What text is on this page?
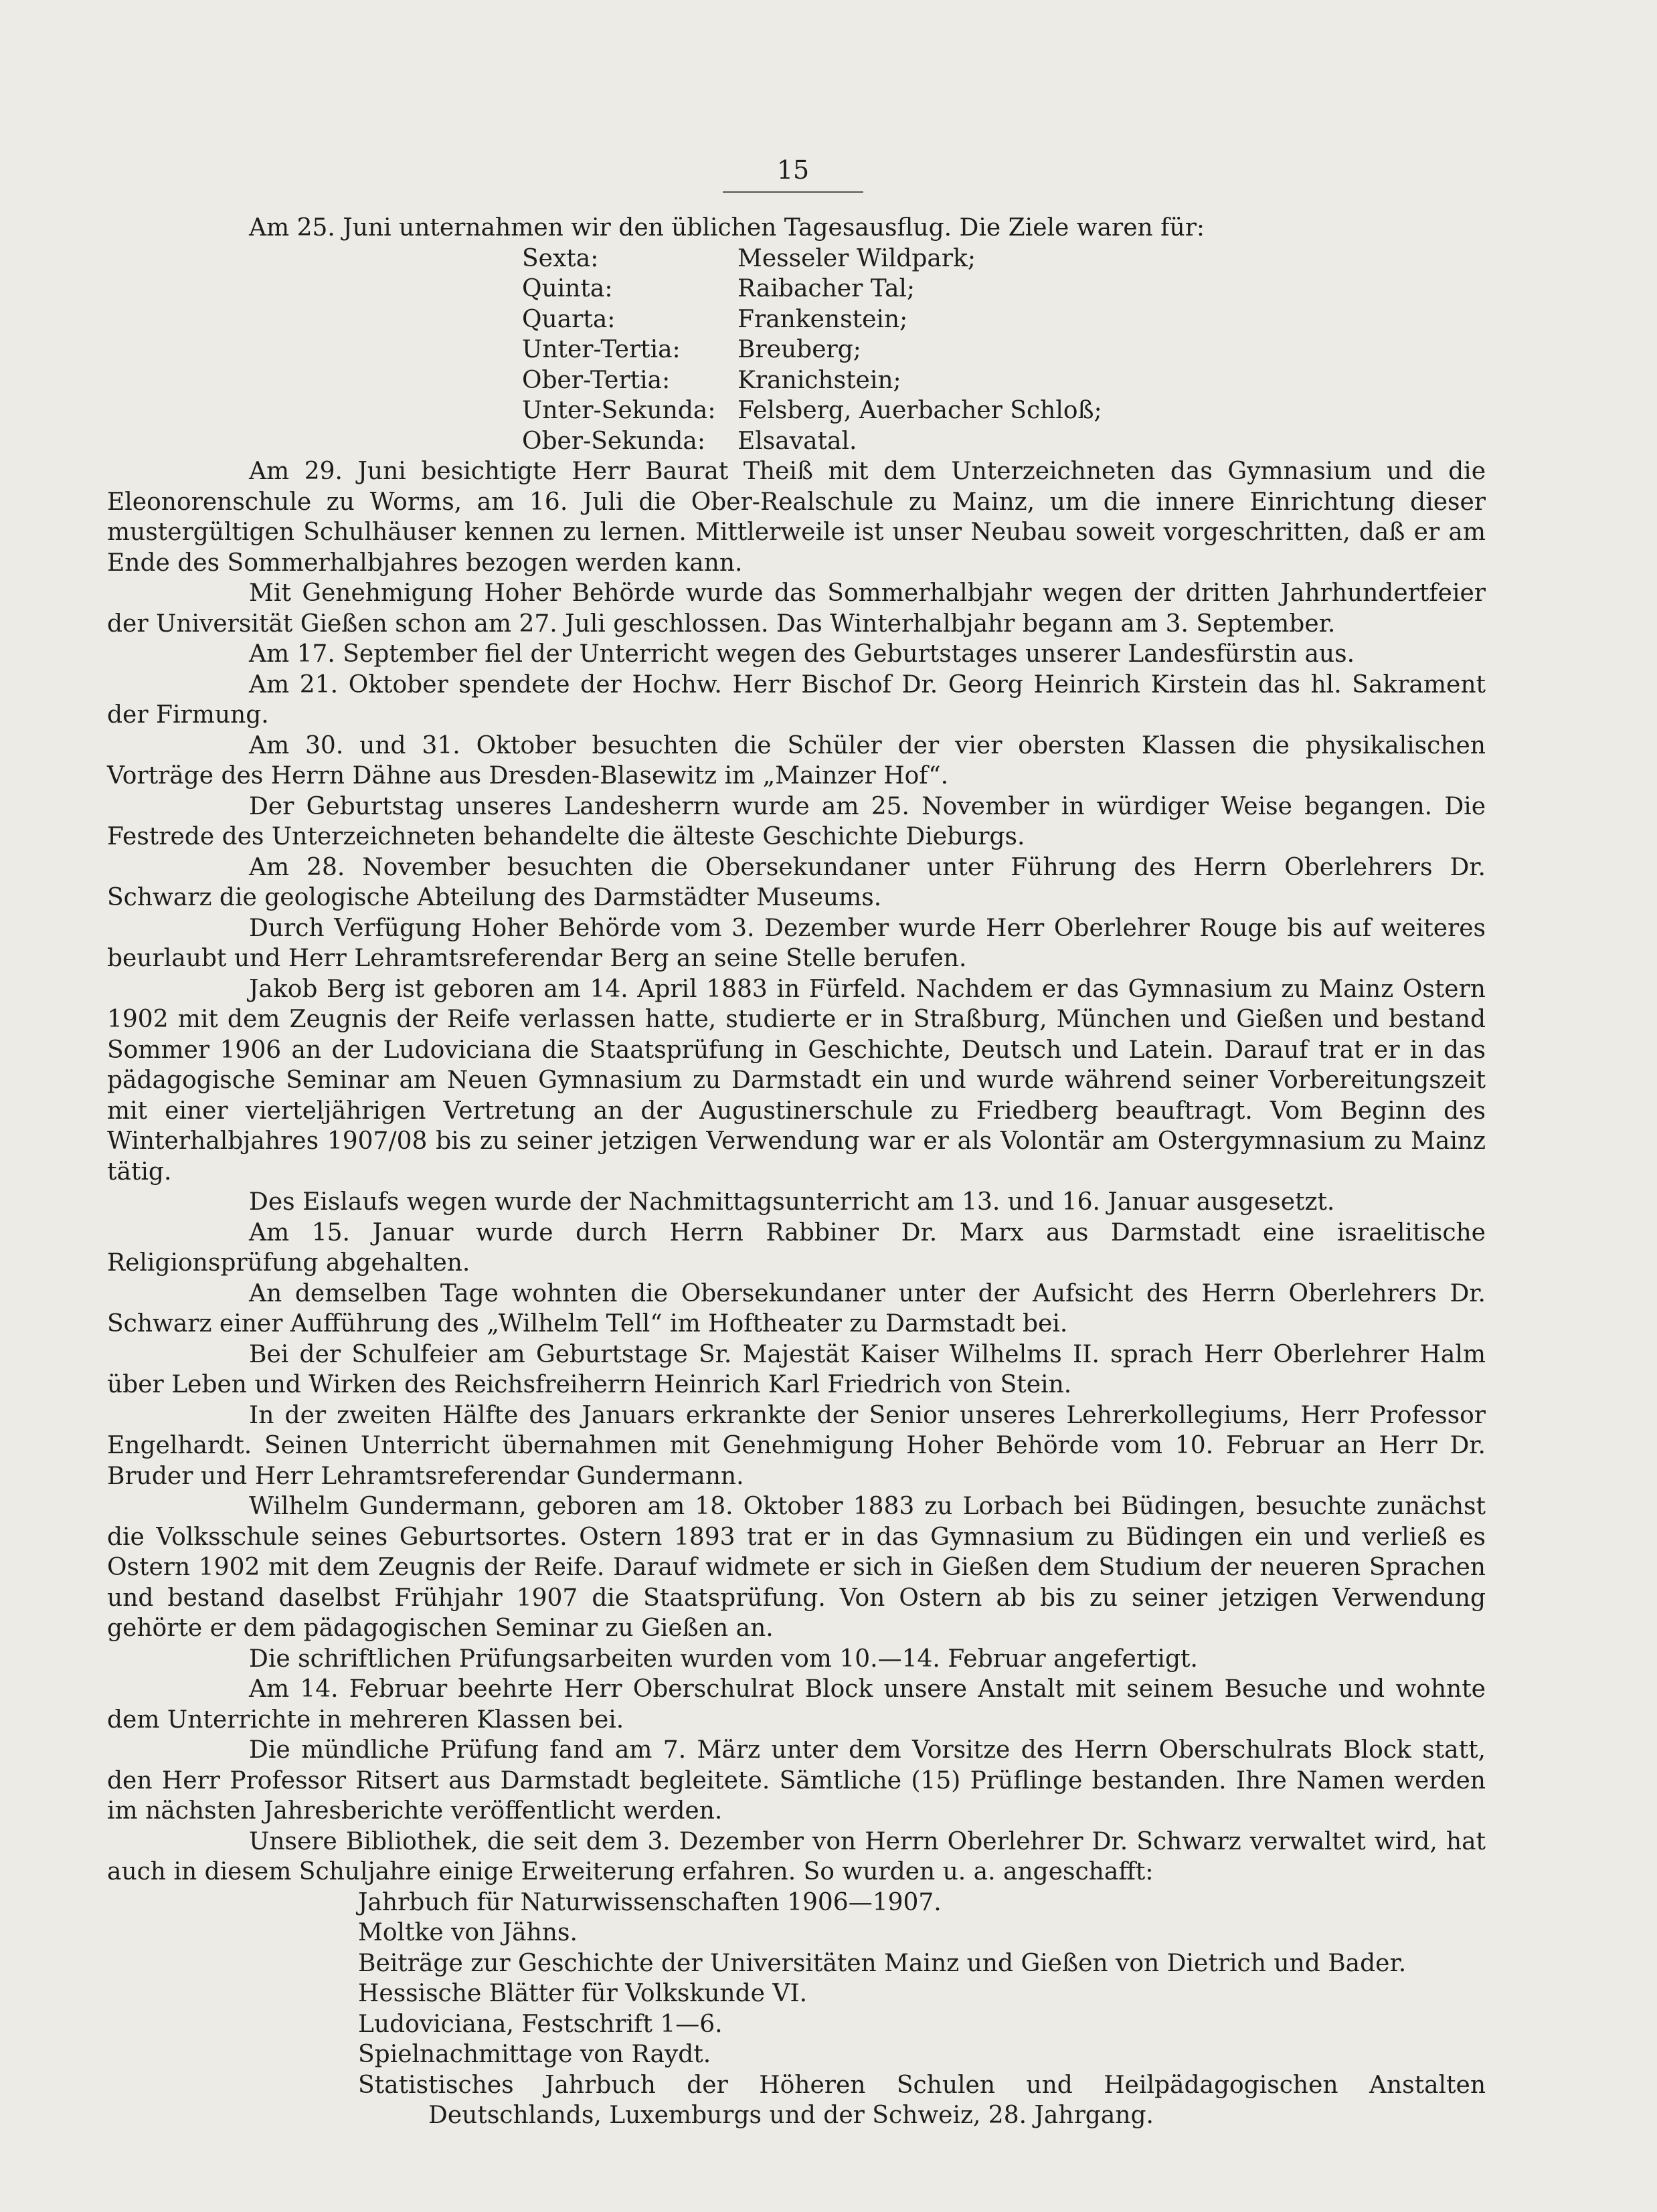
15

Am 25. Juni unternahmen wir den üblichen Tagesausflug. Die Ziele waren für:

Sexta:	Messeler Wildpark;
Quinta:	Raibacher Tal;
Quarta:	Frankenstein;
Unter-Tertia:	Breuberg;
Ober-Tertia:	Kranichstein;
Unter-Sekunda: Felsberg, Auerbacher Schloß;
Ober-Sekunda:	Elsavatal.

Am 29. Juni besichtigte Herr Baurat Theiß mit dem Unterzeichneten das Gymnasium und die Eleonorenschule zu Worms, am 16. Juli die Ober-Realschule zu Mainz, um die innere Einrichtung dieser mustergültigen Schulhäuser kennen zu lernen. Mittlerweile ist unser Neubau soweit vorgeschritten, daß er am Ende des Sommerhalbjahres bezogen werden kann.

Mit Genehmigung Hoher Behörde wurde das Sommerhalbjahr wegen der dritten Jahrhundertfeier der Universität Gießen schon am 27. Juli geschlossen. Das Winterhalbjahr begann am 3. September.

Am 17. September fiel der Unterricht wegen des Geburtstages unserer Landesfürstin aus.

Am 21. Oktober spendete der Hochw. Herr Bischof Dr. Georg Heinrich Kirstein das hl. Sakrament der Firmung.

Am 30. und 31. Oktober besuchten die Schüler der vier obersten Klassen die physikalischen Vorträge des Herrn Dähne aus Dresden-Blasewitz im „Mainzer Hof“.

Der Geburtstag unseres Landesherrn wurde am 25. November in würdiger Weise begangen. Die Festrede des Unterzeichneten behandelte die älteste Geschichte Dieburgs.

Am 28. November besuchten die Obersekundaner unter Führung des Herrn Oberlehrers Dr. Schwarz die geologische Abteilung des Darmstädter Museums.

Durch Verfügung Hoher Behörde vom 3. Dezember wurde Herr Oberlehrer Rouge bis auf weiteres beurlaubt und Herr Lehramtsreferendar Berg an seine Stelle berufen.

Jakob Berg ist geboren am 14. April 1883 in Fürfeld. Nachdem er das Gymnasium zu Mainz Ostern 1902 mit dem Zeugnis der Reife verlassen hatte, studierte er in Straßburg, München und Gießen und bestand Sommer 1906 an der Ludoviciana die Staatsprüfung in Geschichte, Deutsch und Latein. Darauf trat er in das pädagogische Seminar am Neuen Gymnasium zu Darmstadt ein und wurde während seiner Vorbereitungszeit mit einer vierteljährigen Vertretung an der Augustinerschule zu Friedberg beauftragt. Vom Beginn des Winterhalbjahres 1907/08 bis zu seiner jetzigen Verwendung war er als Volontär am Ostergymnasium zu Mainz tätig.

Des Eislaufs wegen wurde der Nachmittagsunterricht am 13. und 16. Januar ausgesetzt.

Am 15. Januar wurde durch Herrn Rabbiner Dr. Marx aus Darmstadt eine israelitische Religionsprüfung abgehalten.

An demselben Tage wohnten die Obersekundaner unter der Aufsicht des Herrn Oberlehrers Dr. Schwarz einer Aufführung des „Wilhelm Tell“ im Hoftheater zu Darmstadt bei.

Bei der Schulfeier am Geburtstage Sr. Majestät Kaiser Wilhelms II. sprach Herr Oberlehrer Halm über Leben und Wirken des Reichsfreiherrn Heinrich Karl Friedrich von Stein.

In der zweiten Hälfte des Januars erkrankte der Senior unseres Lehrerkollegiums, Herr Professor Engelhardt. Seinen Unterricht übernahmen mit Genehmigung Hoher Behörde vom 10. Februar an Herr Dr. Bruder und Herr Lehramtsreferendar Gundermann.

Wilhelm Gundermann, geboren am 18. Oktober 1883 zu Lorbach bei Büdingen, besuchte zunächst die Volksschule seines Geburtsortes. Ostern 1893 trat er in das Gymnasium zu Büdingen ein und verließ es Ostern 1902 mit dem Zeugnis der Reife. Darauf widmete er sich in Gießen dem Studium der neueren Sprachen und bestand daselbst Frühjahr 1907 die Staatsprüfung. Von Ostern ab bis zu seiner jetzigen Verwendung gehörte er dem pädagogischen Seminar zu Gießen an.

Die schriftlichen Prüfungsarbeiten wurden vom 10.—14. Februar angefertigt.

Am 14. Februar beehrte Herr Oberschulrat Block unsere Anstalt mit seinem Besuche und wohnte dem Unterrichte in mehreren Klassen bei.

Die mündliche Prüfung fand am 7. März unter dem Vorsitze des Herrn Oberschulrats Block statt, den Herr Professor Ritsert aus Darmstadt begleitete. Sämtliche (15) Prüflinge bestanden. Ihre Namen werden im nächsten Jahresberichte veröffentlicht werden.

Unsere Bibliothek, die seit dem 3. Dezember von Herrn Oberlehrer Dr. Schwarz verwaltet wird, hat auch in diesem Schuljahre einige Erweiterung erfahren. So wurden u. a. angeschafft:

Jahrbuch für Naturwissenschaften 1906—1907.
Moltke von Jähns.
Beiträge zur Geschichte der Universitäten Mainz und Gießen von Dietrich und Bader.
Hessische Blätter für Volkskunde VI.
Ludoviciana, Festschrift 1—6.
Spielnachmittage von Raydt.
Statistisches Jahrbuch der Höheren Schulen und Heilpädagogischen Anstalten Deutschlands, Luxemburgs und der Schweiz, 28. Jahrgang.
